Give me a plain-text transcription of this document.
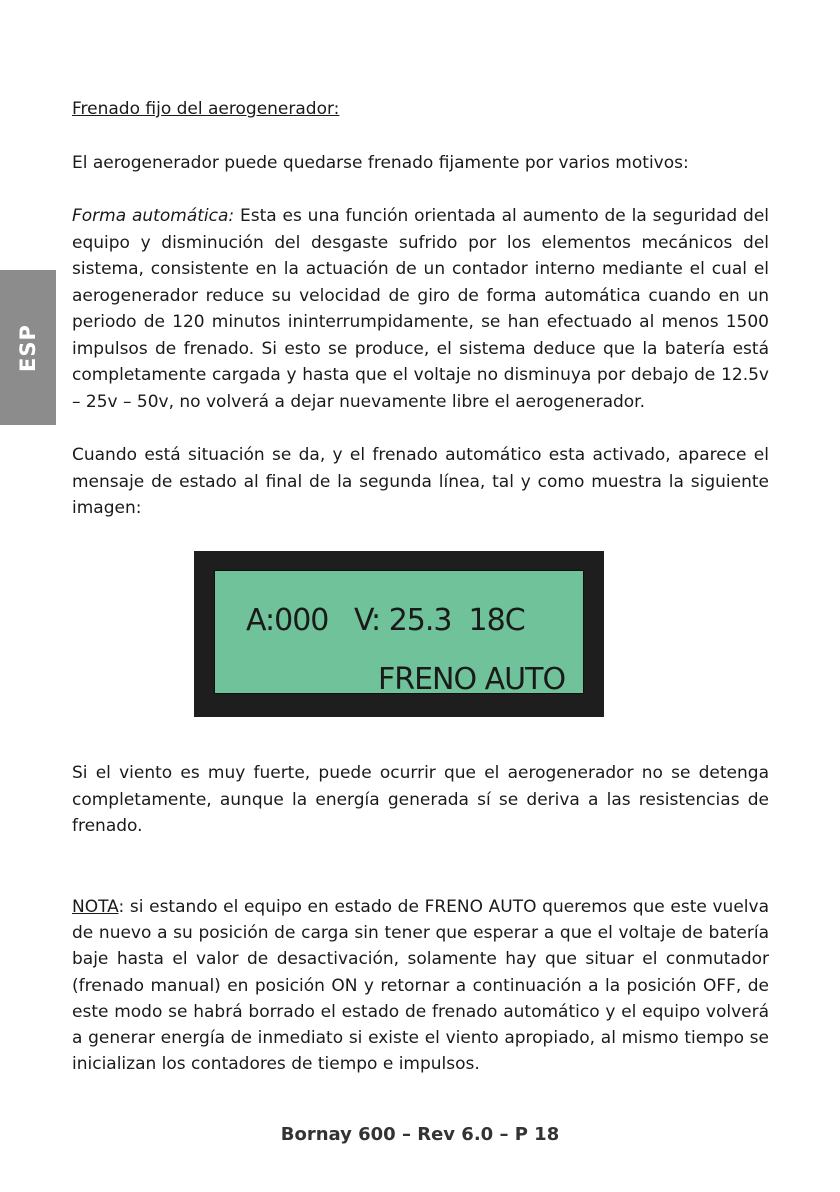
ESP

Frenado fijo del aerogenerador:

El aerogenerador puede quedarse frenado fijamente por varios motivos:

Forma automática: Esta es una función orientada al aumento de la seguridad del equipo y disminución del desgaste sufrido por los elementos mecánicos del sistema, consistente en la actuación de un contador interno mediante el cual el aerogenerador reduce su velocidad de giro de forma automática cuando en un periodo de 120 minutos ininterrumpidamente, se han efectuado al menos 1500 impulsos de frenado. Si esto se produce, el sistema deduce que la batería está completamente cargada y hasta que el voltaje no disminuya por debajo de 12.5v – 25v – 50v, no volverá a dejar nuevamente libre el aerogenerador.

Cuando está situación se da, y el frenado automático esta activado, aparece el mensaje de estado al final de la segunda línea, tal y como muestra la siguiente imagen:

A:000   V: 25.3  18C
FRENO AUTO

Si el viento es muy fuerte, puede ocurrir que el aerogenerador no se detenga completamente, aunque la energía generada sí se deriva a las resistencias de frenado.

NOTA: si estando el equipo en estado de FRENO AUTO queremos que este vuelva de nuevo a su posición de carga sin tener que esperar a que el voltaje de batería baje hasta el valor de desactivación, solamente hay que situar el conmutador (frenado manual) en posición ON y retornar a continuación a la posición OFF, de este modo se habrá borrado el estado de frenado automático y el equipo volverá a generar energía de inmediato si existe el viento apropiado, al mismo tiempo se inicializan los contadores de tiempo e impulsos.

Bornay 600 – Rev 6.0 – P 18
